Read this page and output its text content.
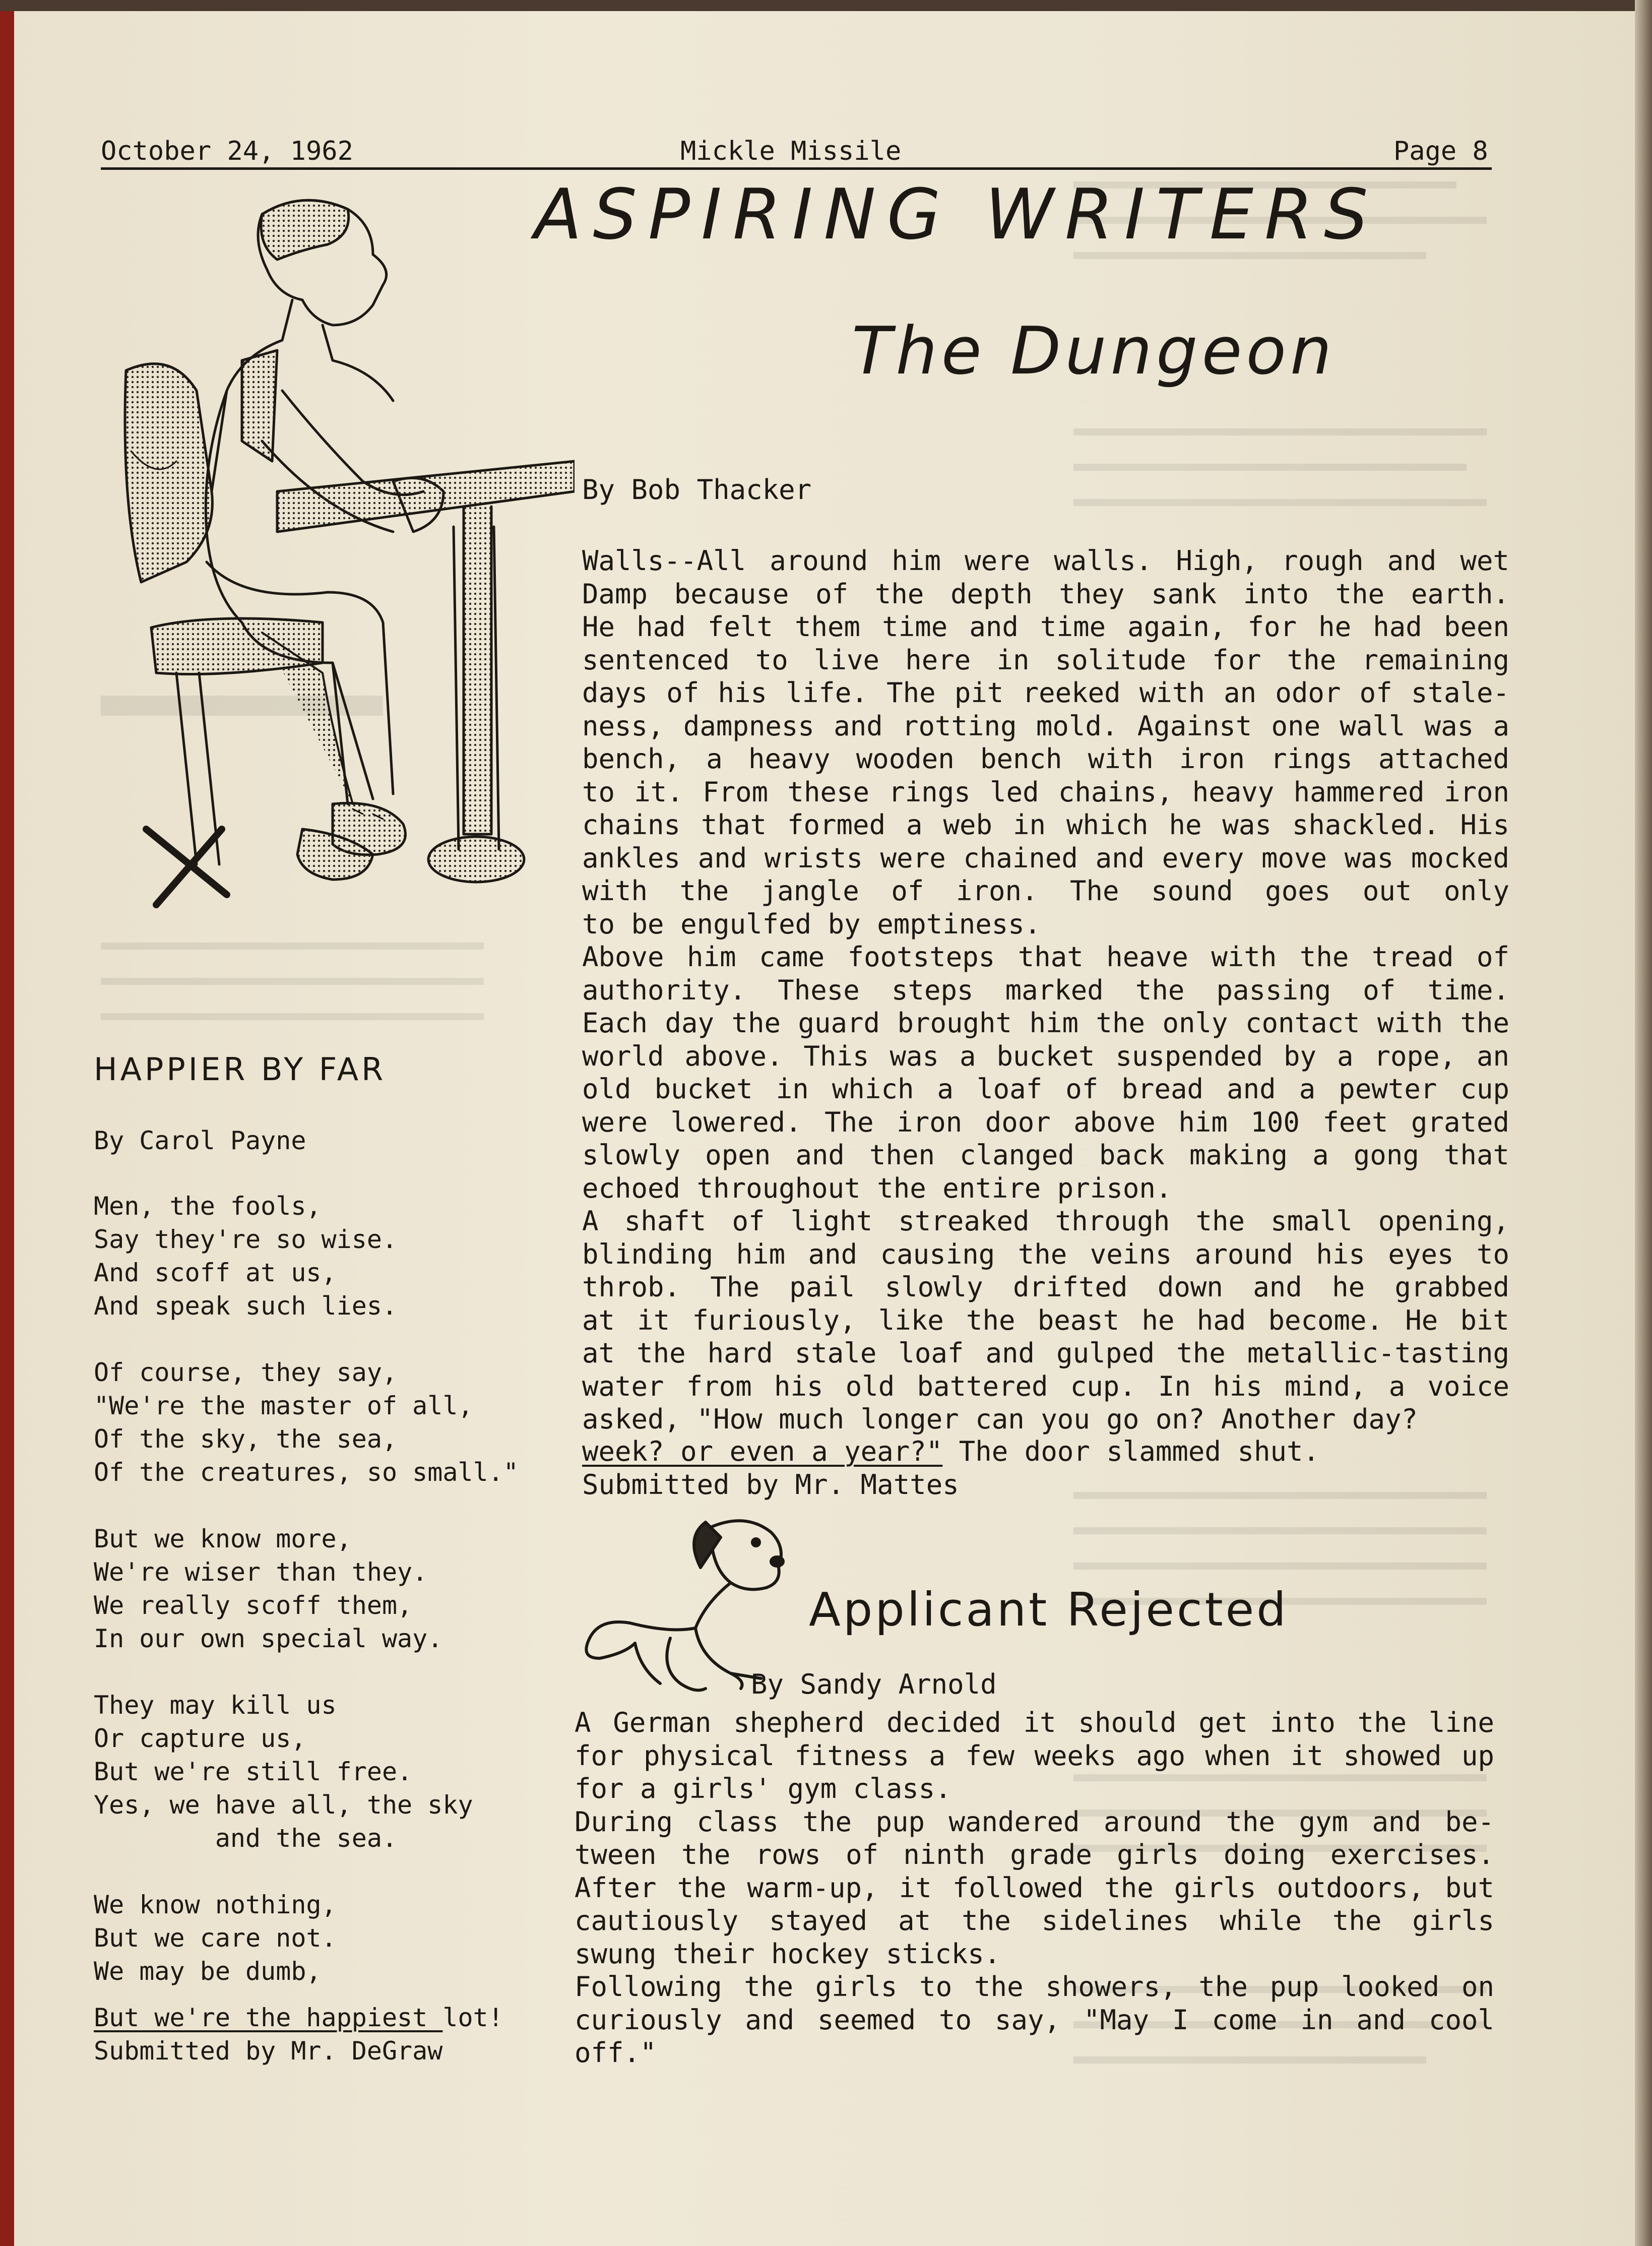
October 24, 1962	Mickle Missile	Page 8
ASPIRING WRITERS
The Dungeon
By Bob Thacker
Walls--All around him were walls. High, rough and wet
Damp because of the depth they sank into the earth.
He had felt them time and time again, for he had been
sentenced to live here in solitude for the remaining
days of his life. The pit reeked with an odor of stale-
ness, dampness and rotting mold. Against one wall was a
bench, a heavy wooden bench with iron rings attached
to it. From these rings led chains, heavy hammered iron
chains that formed a web in which he was shackled. His
ankles and wrists were chained and every move was mocked
with the jangle of iron. The sound goes out only
to be engulfed by emptiness.
Above him came footsteps that heave with the tread of
authority. These steps marked the passing of time.
Each day the guard brought him the only contact with the
world above. This was a bucket suspended by a rope, an
old bucket in which a loaf of bread and a pewter cup
were lowered. The iron door above him 100 feet grated
slowly open and then clanged back making a gong that
echoed throughout the entire prison.
A shaft of light streaked through the small opening,
blinding him and causing the veins around his eyes to
throb. The pail slowly drifted down and he grabbed
at it furiously, like the beast he had become. He bit
at the hard stale loaf and gulped the metallic-tasting
water from his old battered cup. In his mind, a voice
asked, "How much longer can you go on? Another day?
week? or even a year?" The door slammed shut.
Submitted by Mr. Mattes
HAPPIER BY FAR
By Carol Payne
Men, the fools,
Say they're so wise.
And scoff at us,
And speak such lies.
Of course, they say,
"We're the master of all,
Of the sky, the sea,
Of the creatures, so small."
But we know more,
We're wiser than they.
We really scoff them,
In our own special way.
They may kill us
Or capture us,
But we're still free.
Yes, we have all, the sky
and the sea.
We know nothing,
But we care not.
We may be dumb,
But we're the happiest lot!
Submitted by Mr. DeGraw
Applicant Rejected
By Sandy Arnold
A German shepherd decided it should get into the line
for physical fitness a few weeks ago when it showed up
for a girls' gym class.
During class the pup wandered around the gym and be-
tween the rows of ninth grade girls doing exercises.
After the warm-up, it followed the girls outdoors, but
cautiously stayed at the sidelines while the girls
swung their hockey sticks.
Following the girls to the showers, the pup looked on
curiously and seemed to say, "May I come in and cool
off."
